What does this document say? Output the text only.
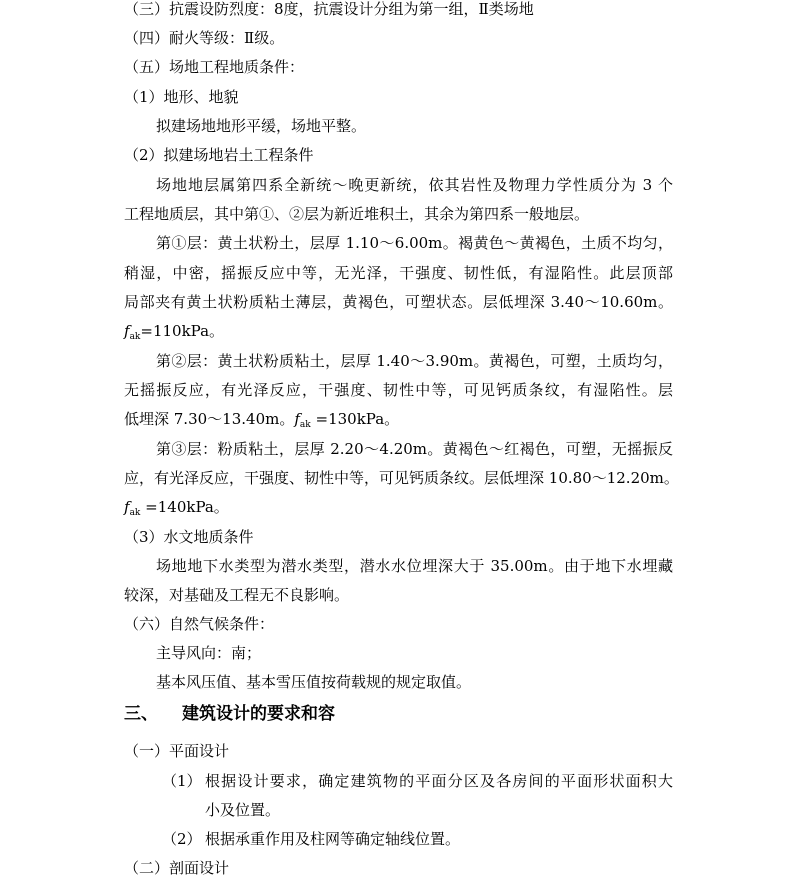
（三）抗震设防烈度：8度，抗震设计分组为第一组，Ⅱ类场地
（四）耐火等级：Ⅱ级。
（五）场地工程地质条件：
（1）地形、地貌
拟建场地地形平缓，场地平整。
（2）拟建场地岩土工程条件
场地地层属第四系全新统～晚更新统，依其岩性及物理力学性质分为 3 个
工程地质层，其中第①、②层为新近堆积土，其余为第四系一般地层。
第①层：黄土状粉土，层厚 1.10～6.00m。褐黄色～黄褐色，土质不均匀，
稍湿，中密，摇振反应中等，无光泽，干强度、韧性低，有湿陷性。此层顶部
局部夹有黄土状粉质粘土薄层，黄褐色，可塑状态。层低埋深 3.40～10.60m。
$f_{ak}=110kPa$。
第②层：黄土状粉质粘土，层厚 1.40～3.90m。黄褐色，可塑，土质均匀，
无摇振反应，有光泽反应，干强度、韧性中等，可见钙质条纹，有湿陷性。层
低埋深 7.30～13.40m。$f_{ak} =130kPa$。
第③层：粉质粘土，层厚 2.20～4.20m。黄褐色～红褐色，可塑，无摇振反
应，有光泽反应，干强度、韧性中等，可见钙质条纹。层低埋深 10.80～12.20m。
$f_{ak} =140kPa$。
（3）水文地质条件
场地地下水类型为潜水类型，潜水水位埋深大于 35.00m。由于地下水埋藏
较深，对基础及工程无不良影响。
（六）自然气候条件：
主导风向：南；
基本风压值、基本雪压值按荷载规的规定取值。
三、 建筑设计的要求和容
（一）平面设计
（1） 根据设计要求，确定建筑物的平面分区及各房间的平面形状面积大
小及位置。
（2） 根据承重作用及柱网等确定轴线位置。
（二）剖面设计
